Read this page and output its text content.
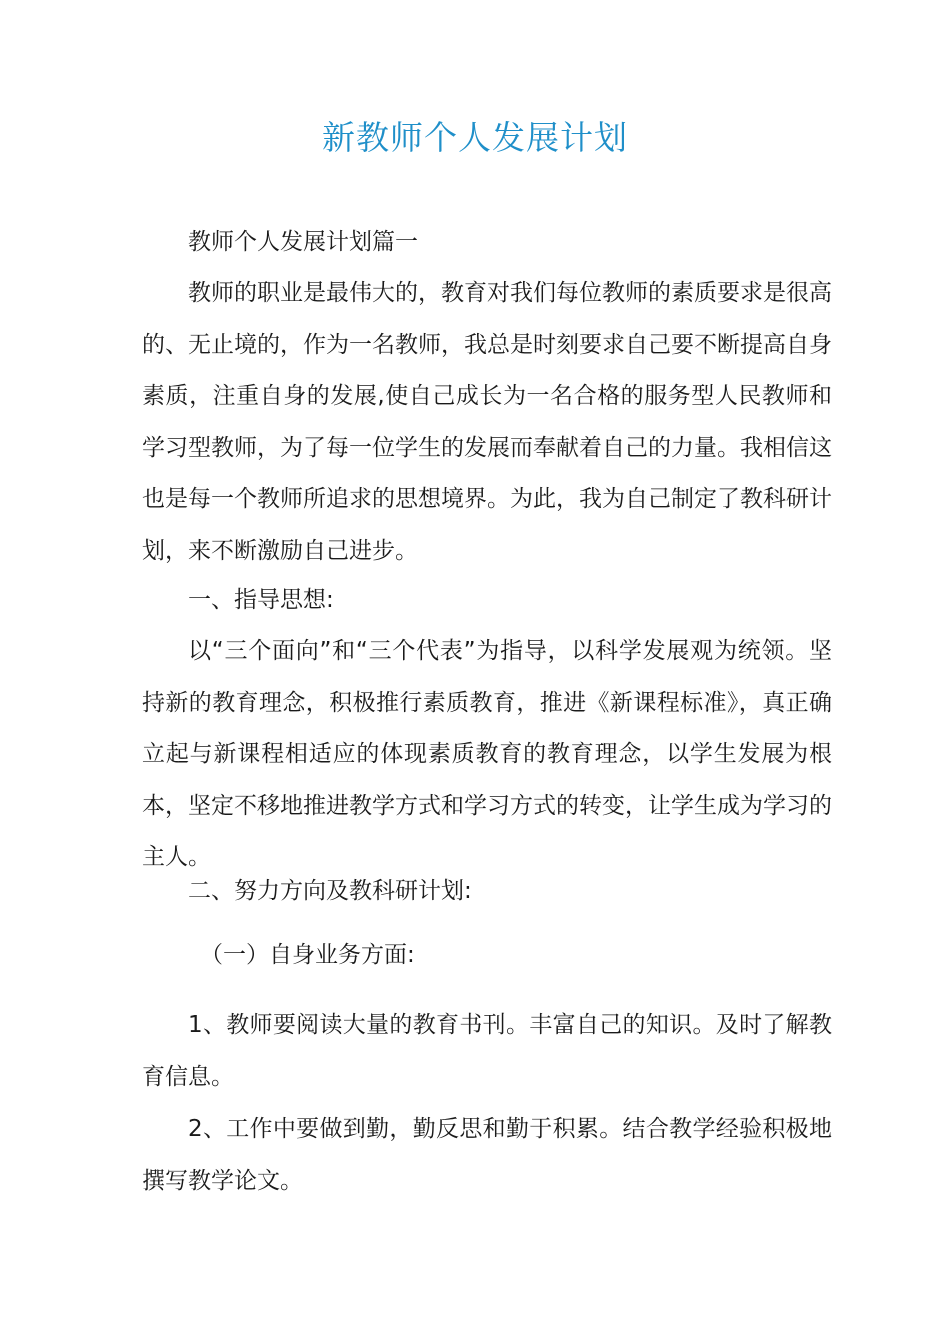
新教师个人发展计划

教师个人发展计划篇一

教师的职业是最伟大的，教育对我们每位教师的素质要求是很高的、无止境的，作为一名教师，我总是时刻要求自己要不断提高自身素质，注重自身的发展,使自己成长为一名合格的服务型人民教师和学习型教师，为了每一位学生的发展而奉献着自己的力量。我相信这也是每一个教师所追求的思想境界。为此，我为自己制定了教科研计划，来不断激励自己进步。

一、指导思想:

以“三个面向”和“三个代表”为指导，以科学发展观为统领。坚持新的教育理念，积极推行素质教育，推进《新课程标准》，真正确立起与新课程相适应的体现素质教育的教育理念，以学生发展为根本，坚定不移地推进教学方式和学习方式的转变，让学生成为学习的主人。

二、努力方向及教科研计划:

（一）自身业务方面:

1、教师要阅读大量的教育书刊。丰富自己的知识。及时了解教育信息。

2、工作中要做到勤，勤反思和勤于积累。结合教学经验积极地撰写教学论文。
